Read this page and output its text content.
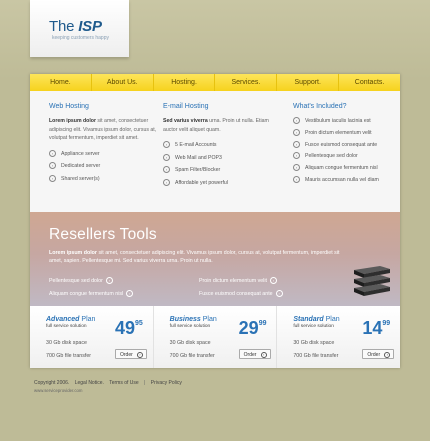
The ISP
keeping customers happy
Home.	About Us.	Hosting.	Services.	Support.	Contacts.
Web Hosting

Lorem ipsum dolor sit amet, consectetuer adipiscing elit. Vivamus ipsum dolor, cursus at, volutpat fermentum, imperdiet sit amet.

› Appliance server
› Dedicated server
› Shared server(s)
E-mail Hosting

Sed varius viverra urna. Proin ut nulla. Etiam auctor velit aliquet quam.

› 5 E-mail Accounts
› Web Mail and POP3
› Spam Filter/Blocker
› Affordable yet powerful
What's Included?
› Vestibulum iaculis lacinia est
› Proin dictum elementum velit
› Fusce euismod consequat ante
› Pellentesque sed dolor
› Aliquam congue fermentum nisl
› Mauris accumsan nulla vel diam
Resellers Tools

Lorem ipsum dolor sit amet, consectetuer adipiscing elit. Vivamus ipsum dolor, cursus at, volutpat fermentum, imperdiet sit amet, sapien. Pellentesque mi. Sed varius viverra urna. Proin ut nulla.

Pellentesque sed dolor ›	Proin dictum elementum velit ›
Aliquam congue fermentum nisl ›	Fusce euismod consequat ante ›
Advanced Plan
full service solution $49^{95}$
30 Gb disk space
700 Gb file transfer	Order	›
Business Plan
full service solution $29^{99}$
30 Gb disk space
700 Gb file transfer	Order	›
Standard Plan
full service solution $14^{99}$
30 Gb disk space
700 Gb file transfer	Order	›
Copyright 2006. Legal Notice. Terms of Use | Privacy Policy
www.serviceprovider.com
